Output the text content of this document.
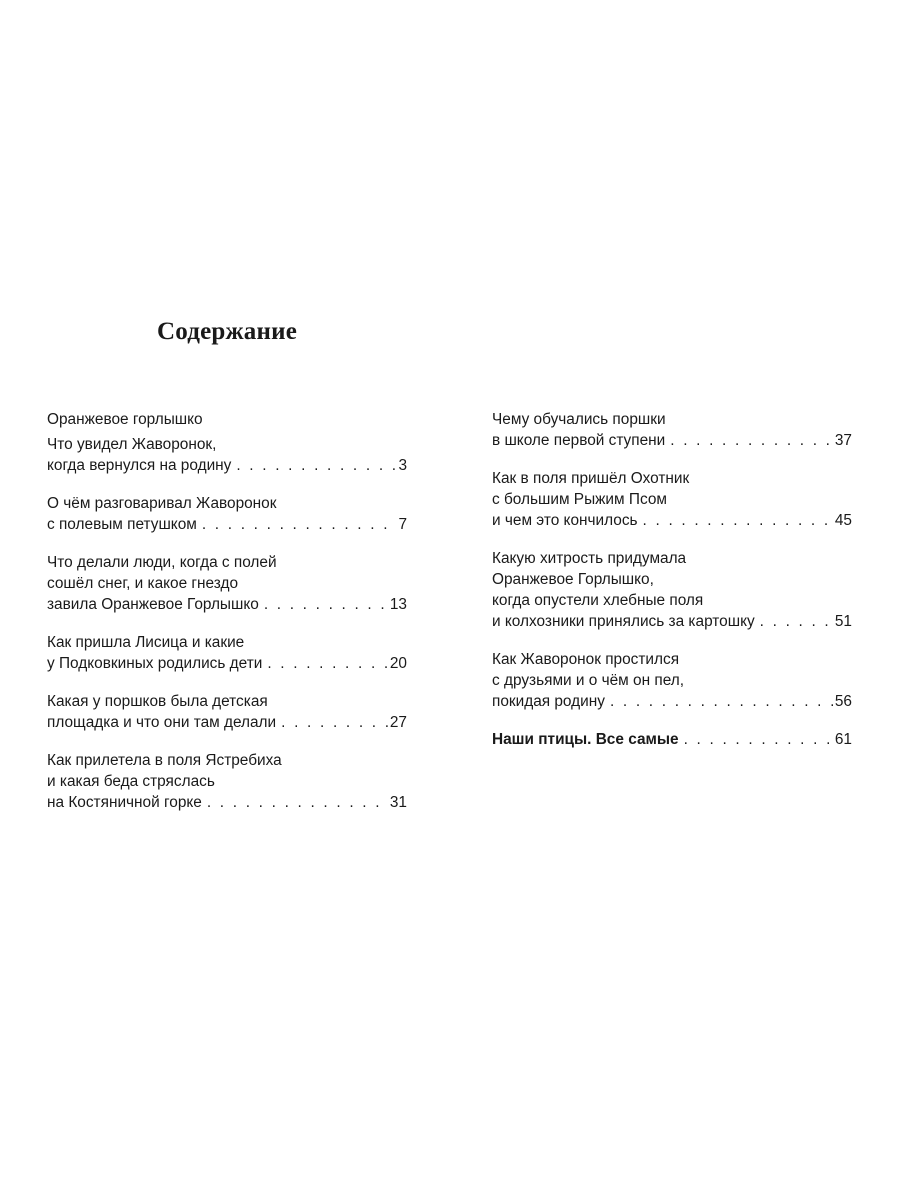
Содержание
Оранжевое горлышко
Что увидел Жаворонок,
когда вернулся на родину . . .	3
О чём разговаривал Жаворонок
с полевым петушком . . .	7
Что делали люди, когда с полей
сошёл снег, и какое гнездо
завила Оранжевое Горлышко . . .	13
Как пришла Лисица и какие
у Подковкиных родились дети . . .	20
Какая у поршков была детская
площадка и что они там делали . . .	27
Как прилетела в поля Ястребиха
и какая беда стряслась
на Костяничной горке . . .	31
Чему обучались поршки
в школе первой ступени . . .	37
Как в поля пришёл Охотник
с большим Рыжим Псом
и чем это кончилось . . .	45
Какую хитрость придумала
Оранжевое Горлышко,
когда опустели хлебные поля
и колхозники принялись за картошку . . .	51
Как Жаворонок простился
с друзьями и о чём он пел,
покидая родину . . .	56
Наши птицы. Все самые . . .	61
